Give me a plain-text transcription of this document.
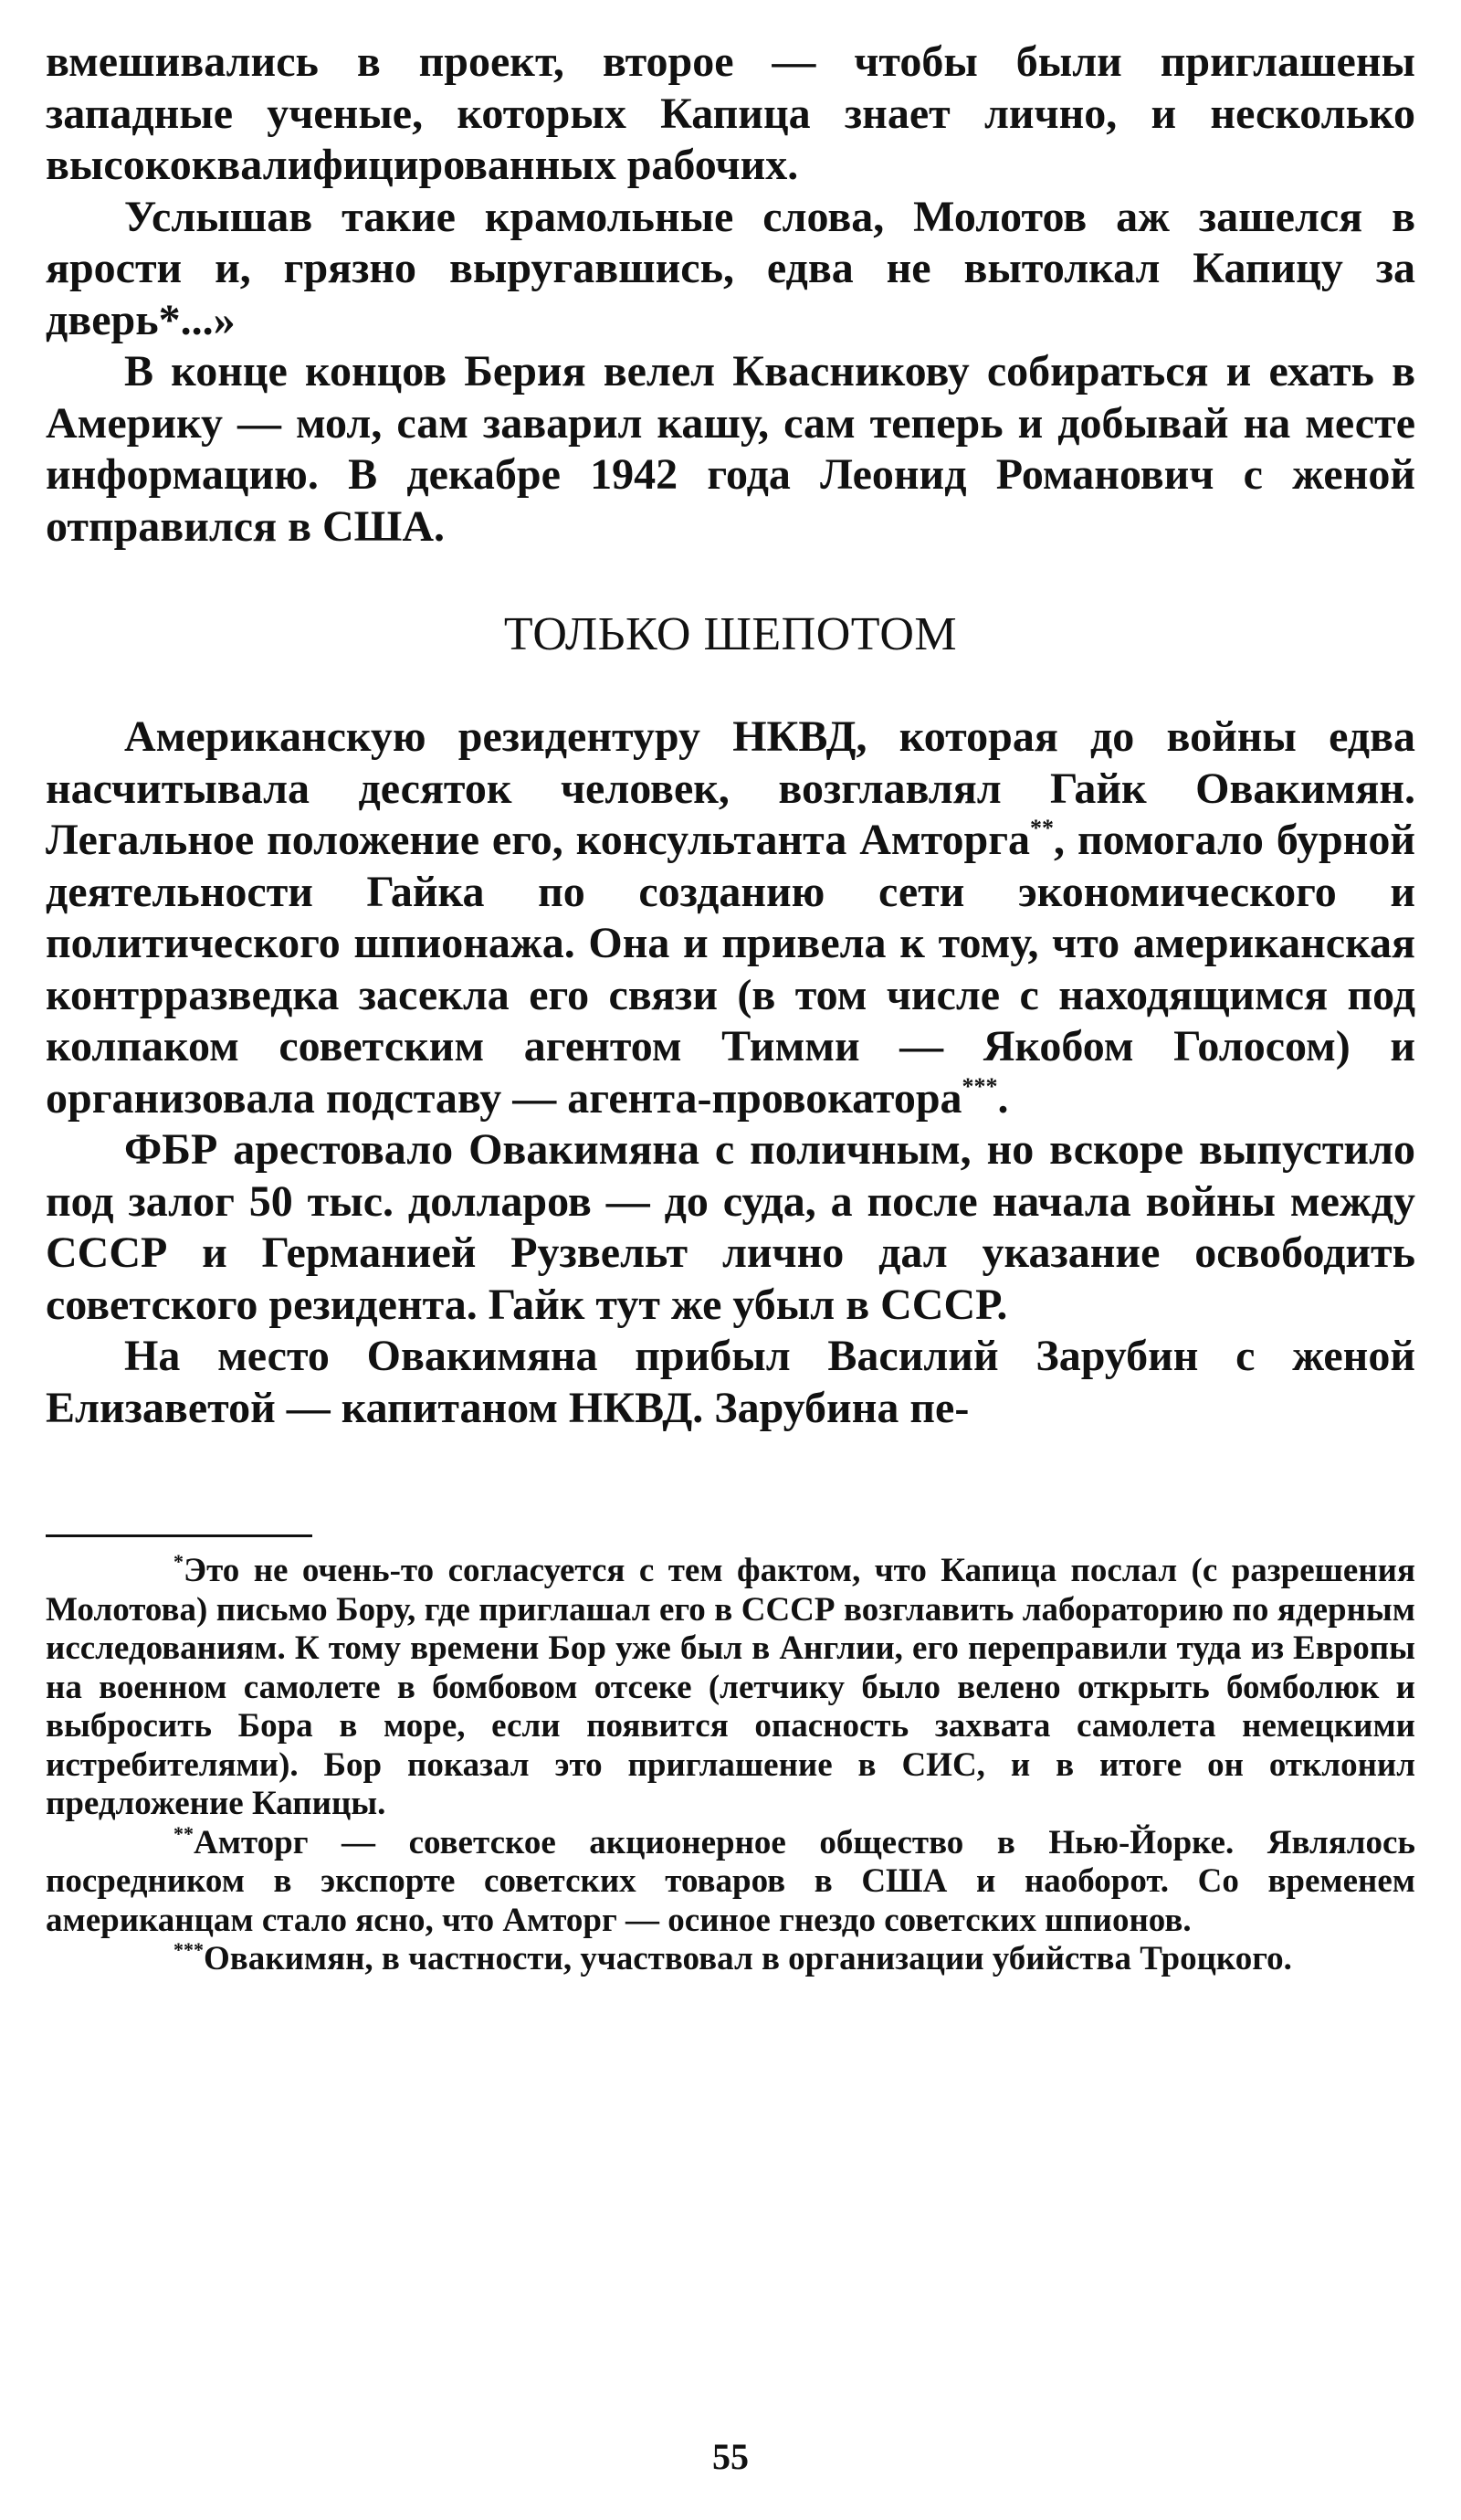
вмешивались в проект, второе — чтобы были приглашены западные ученые, которых Капица знает лично, и несколько высококвалифицированных рабочих.

Услышав такие крамольные слова, Молотов аж зашелся в ярости и, грязно выругавшись, едва не вытолкал Капицу за дверь*...»

В конце концов Берия велел Квасникову собираться и ехать в Америку — мол, сам заварил кашу, сам теперь и добывай на месте информацию. В декабре 1942 года Леонид Романович с женой отправился в США.

ТОЛЬКО ШЕПОТОМ

Американскую резидентуру НКВД, которая до войны едва насчитывала десяток человек, возглавлял Гайк Овакимян. Легальное положение его, консультанта Амторга**, помогало бурной деятельности Гайка по созданию сети экономического и политического шпионажа. Она и привела к тому, что американская контрразведка засекла его связи (в том числе с находящимся под колпаком советским агентом Тимми — Якобом Голосом) и организовала подставу — агента-провокатора***.

ФБР арестовало Овакимяна с поличным, но вскоре выпустило под залог 50 тыс. долларов — до суда, а после начала войны между СССР и Германией Рузвельт лично дал указание освободить советского резидента. Гайк тут же убыл в СССР.

На место Овакимяна прибыл Василий Зарубин с женой Елизаветой — капитаном НКВД. Зарубина пе-

*Это не очень-то согласуется с тем фактом, что Капица послал (с разрешения Молотова) письмо Бору, где приглашал его в СССР возглавить лабораторию по ядерным исследованиям. К тому времени Бор уже был в Англии, его переправили туда из Европы на военном самолете в бомбовом отсеке (летчику было велено открыть бомболюк и выбросить Бора в море, если появится опасность захвата самолета немецкими истребителями). Бор показал это приглашение в СИС, и в итоге он отклонил предложение Капицы.

**Амторг — советское акционерное общество в Нью-Йорке. Являлось посредником в экспорте советских товаров в США и наоборот. Со временем американцам стало ясно, что Амторг — осиное гнездо советских шпионов.

***Овакимян, в частности, участвовал в организации убийства Троцкого.

55
